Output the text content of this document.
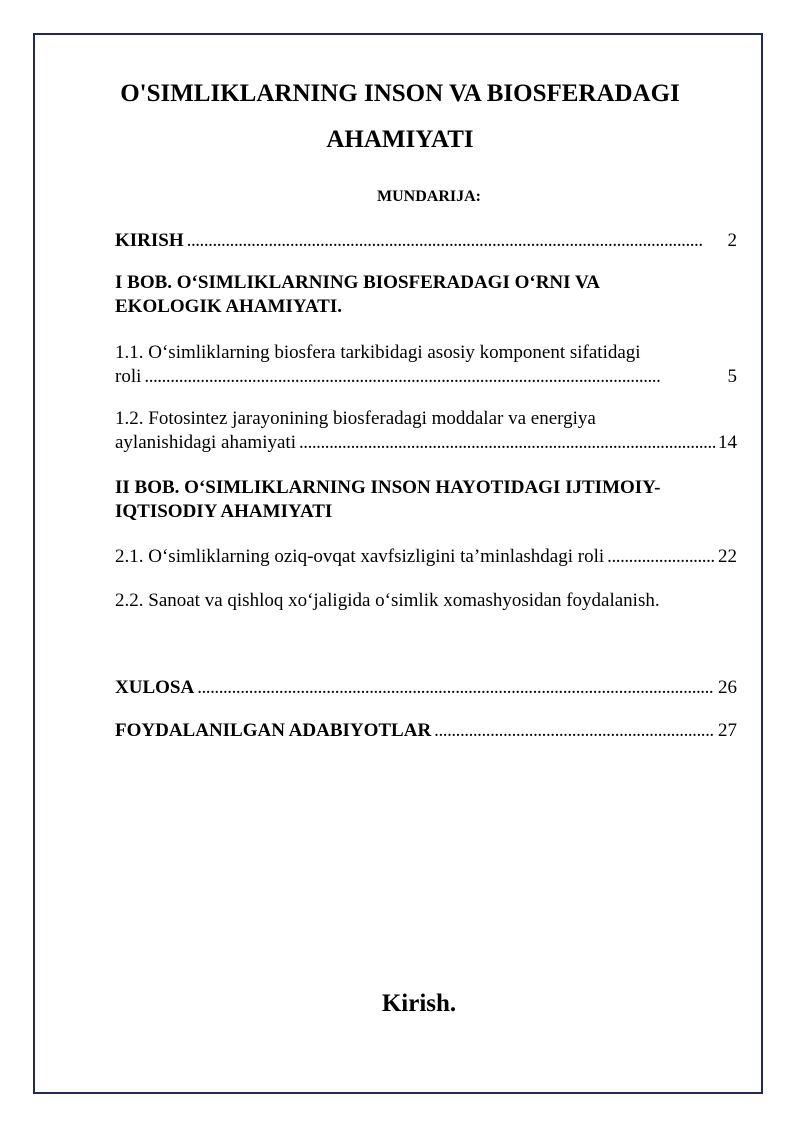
O'SIMLIKLARNING INSON VA BIOSFERADAGI
AHAMIYATI
MUNDARIJA:
KIRISH . . .	2
I BOB. O‘SIMLIKLARNING BIOSFERADAGI O‘RNI VA
EKOLOGIK AHAMIYATI.
1.1. O‘simliklarning biosfera tarkibidagi asosiy komponent sifatidagi
roli . . .	5
1.2. Fotosintez jarayonining biosferadagi moddalar va energiya
aylanishidagi ahamiyati . . .	14
II BOB. O‘SIMLIKLARNING INSON HAYOTIDAGI IJTIMOIY-
IQTISODIY AHAMIYATI
2.1. O‘simliklarning oziq-ovqat xavfsizligini ta’minlashdagi roli . . .	22
2.2. Sanoat va qishloq xo‘jaligida o‘simlik xomashyosidan foydalanish.
XULOSA . . .	26
FOYDALANILGAN ADABIYOTLAR . . .	27
Kirish.
